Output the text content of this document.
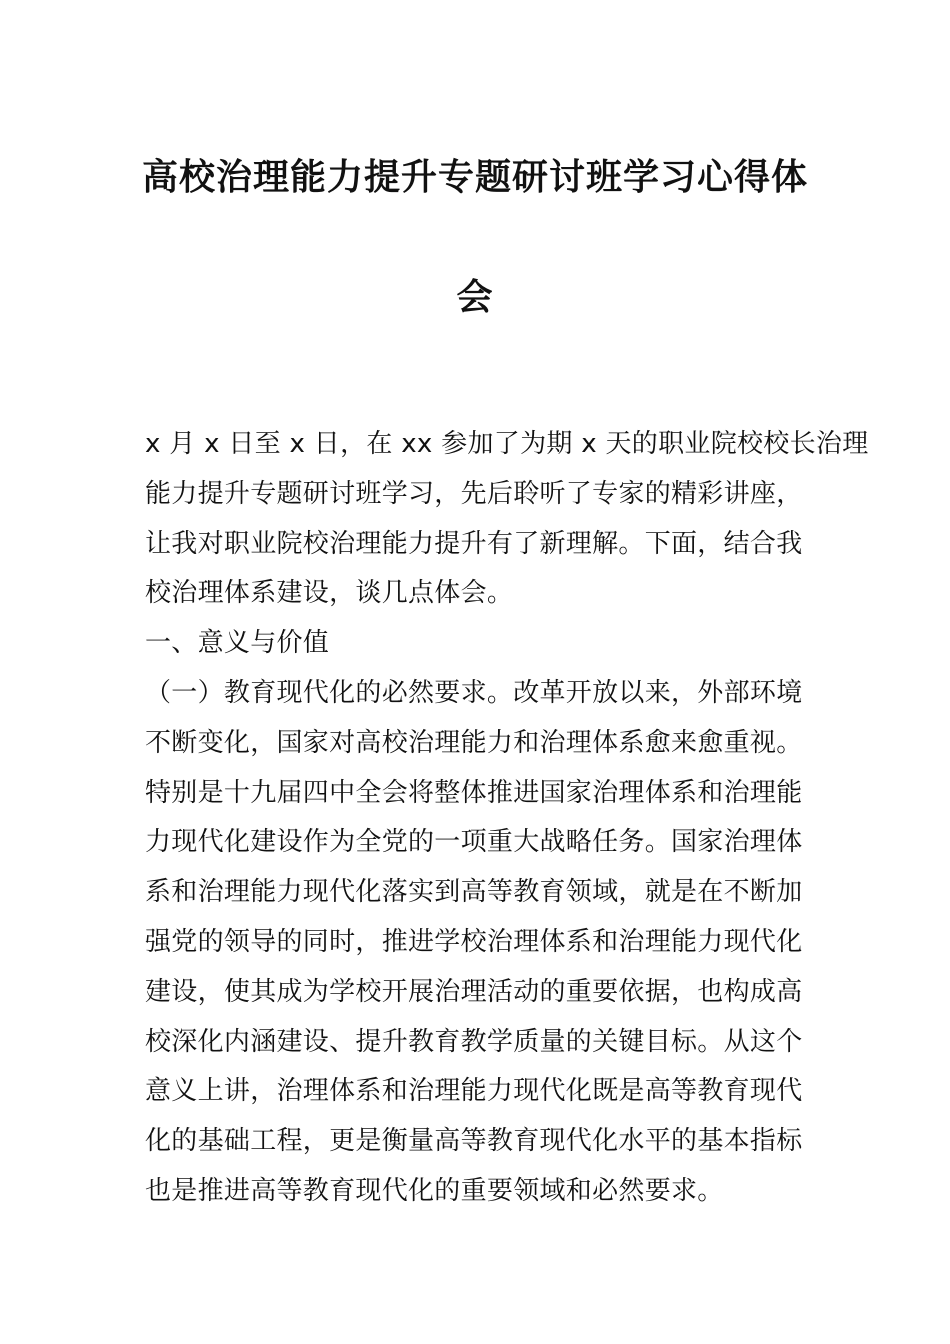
高校治理能力提升专题研讨班学习心得体
会
x 月 x 日至 x 日，在 xx 参加了为期 x 天的职业院校校长治理
能力提升专题研讨班学习，先后聆听了专家的精彩讲座，
让我对职业院校治理能力提升有了新理解。下面，结合我
校治理体系建设，谈几点体会。
一、意义与价值
（一）教育现代化的必然要求。改革开放以来，外部环境
不断变化，国家对高校治理能力和治理体系愈来愈重视。
特别是十九届四中全会将整体推进国家治理体系和治理能
力现代化建设作为全党的一项重大战略任务。国家治理体
系和治理能力现代化落实到高等教育领域，就是在不断加
强党的领导的同时，推进学校治理体系和治理能力现代化
建设，使其成为学校开展治理活动的重要依据，也构成高
校深化内涵建设、提升教育教学质量的关键目标。从这个
意义上讲，治理体系和治理能力现代化既是高等教育现代
化的基础工程，更是衡量高等教育现代化水平的基本指标
也是推进高等教育现代化的重要领域和必然要求。
